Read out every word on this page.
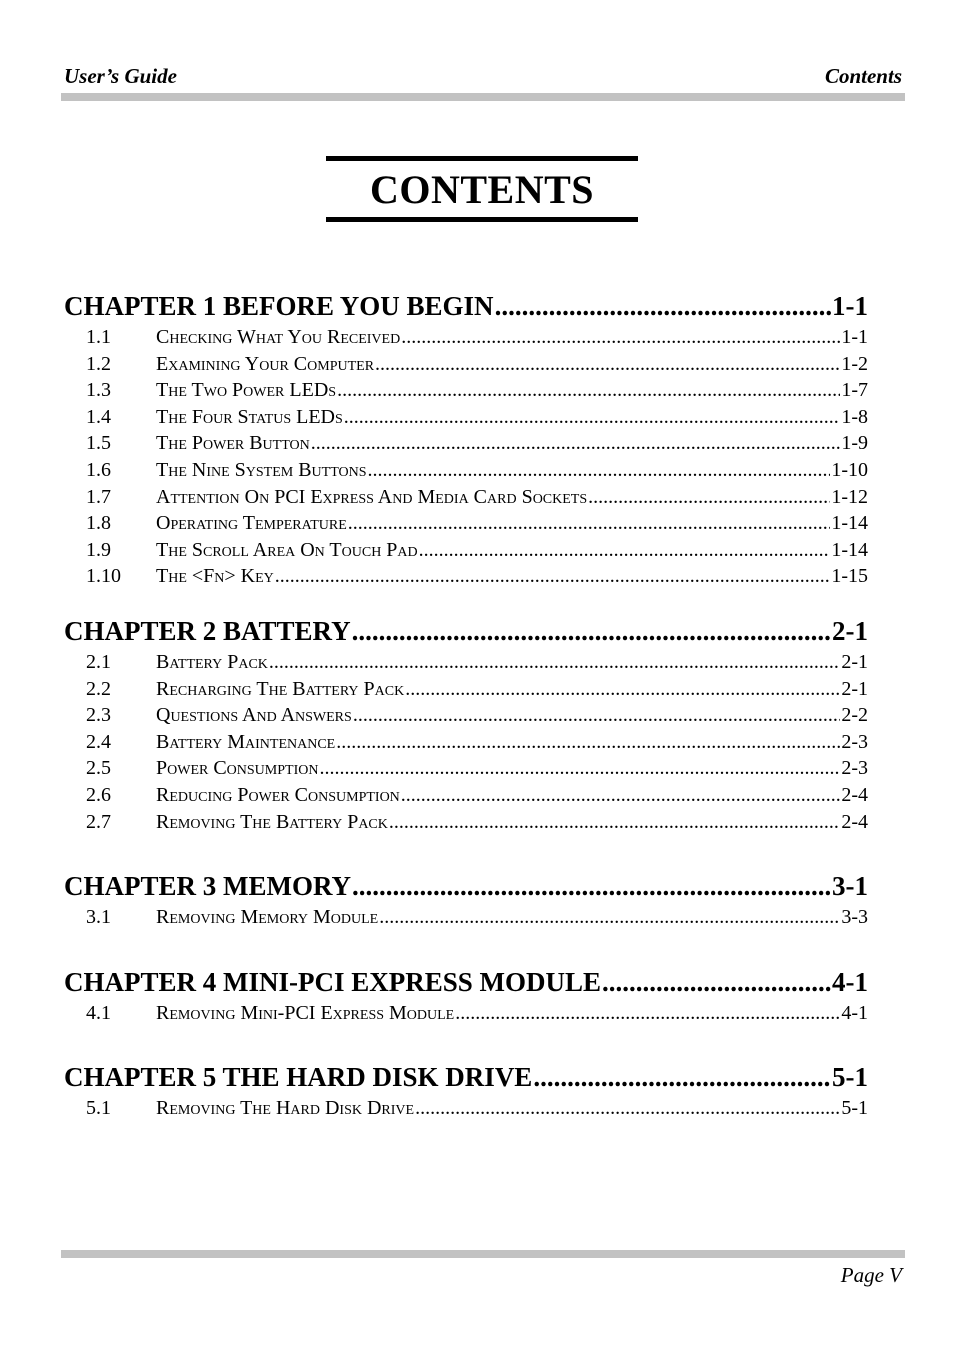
User’s Guide	Contents
CONTENTS
CHAPTER 1 BEFORE YOU BEGIN .....	1-1
1.1	Checking What You Received .....	1-1
1.2	Examining Your Computer .....	1-2
1.3	The Two Power LEDs .....	1-7
1.4	The Four Status LEDs .....	1-8
1.5	The Power Button .....	1-9
1.6	The Nine System Buttons .....	1-10
1.7	Attention On PCI Express And Media Card Sockets .....	1-12
1.8	Operating Temperature .....	1-14
1.9	The Scroll Area On Touch Pad .....	1-14
1.10	The <Fn> Key .....	1-15
CHAPTER 2 BATTERY .....	2-1
2.1	Battery Pack .....	2-1
2.2	Recharging The Battery Pack .....	2-1
2.3	Questions And Answers .....	2-2
2.4	Battery Maintenance .....	2-3
2.5	Power Consumption .....	2-3
2.6	Reducing Power Consumption .....	2-4
2.7	Removing The Battery Pack .....	2-4
CHAPTER 3 MEMORY .....	3-1
3.1	Removing Memory Module .....	3-3
CHAPTER 4 MINI-PCI EXPRESS MODULE .....	4-1
4.1	Removing Mini-PCI Express Module .....	4-1
CHAPTER 5 THE HARD DISK DRIVE .....	5-1
5.1	Removing The Hard Disk Drive .....	5-1
Page V
